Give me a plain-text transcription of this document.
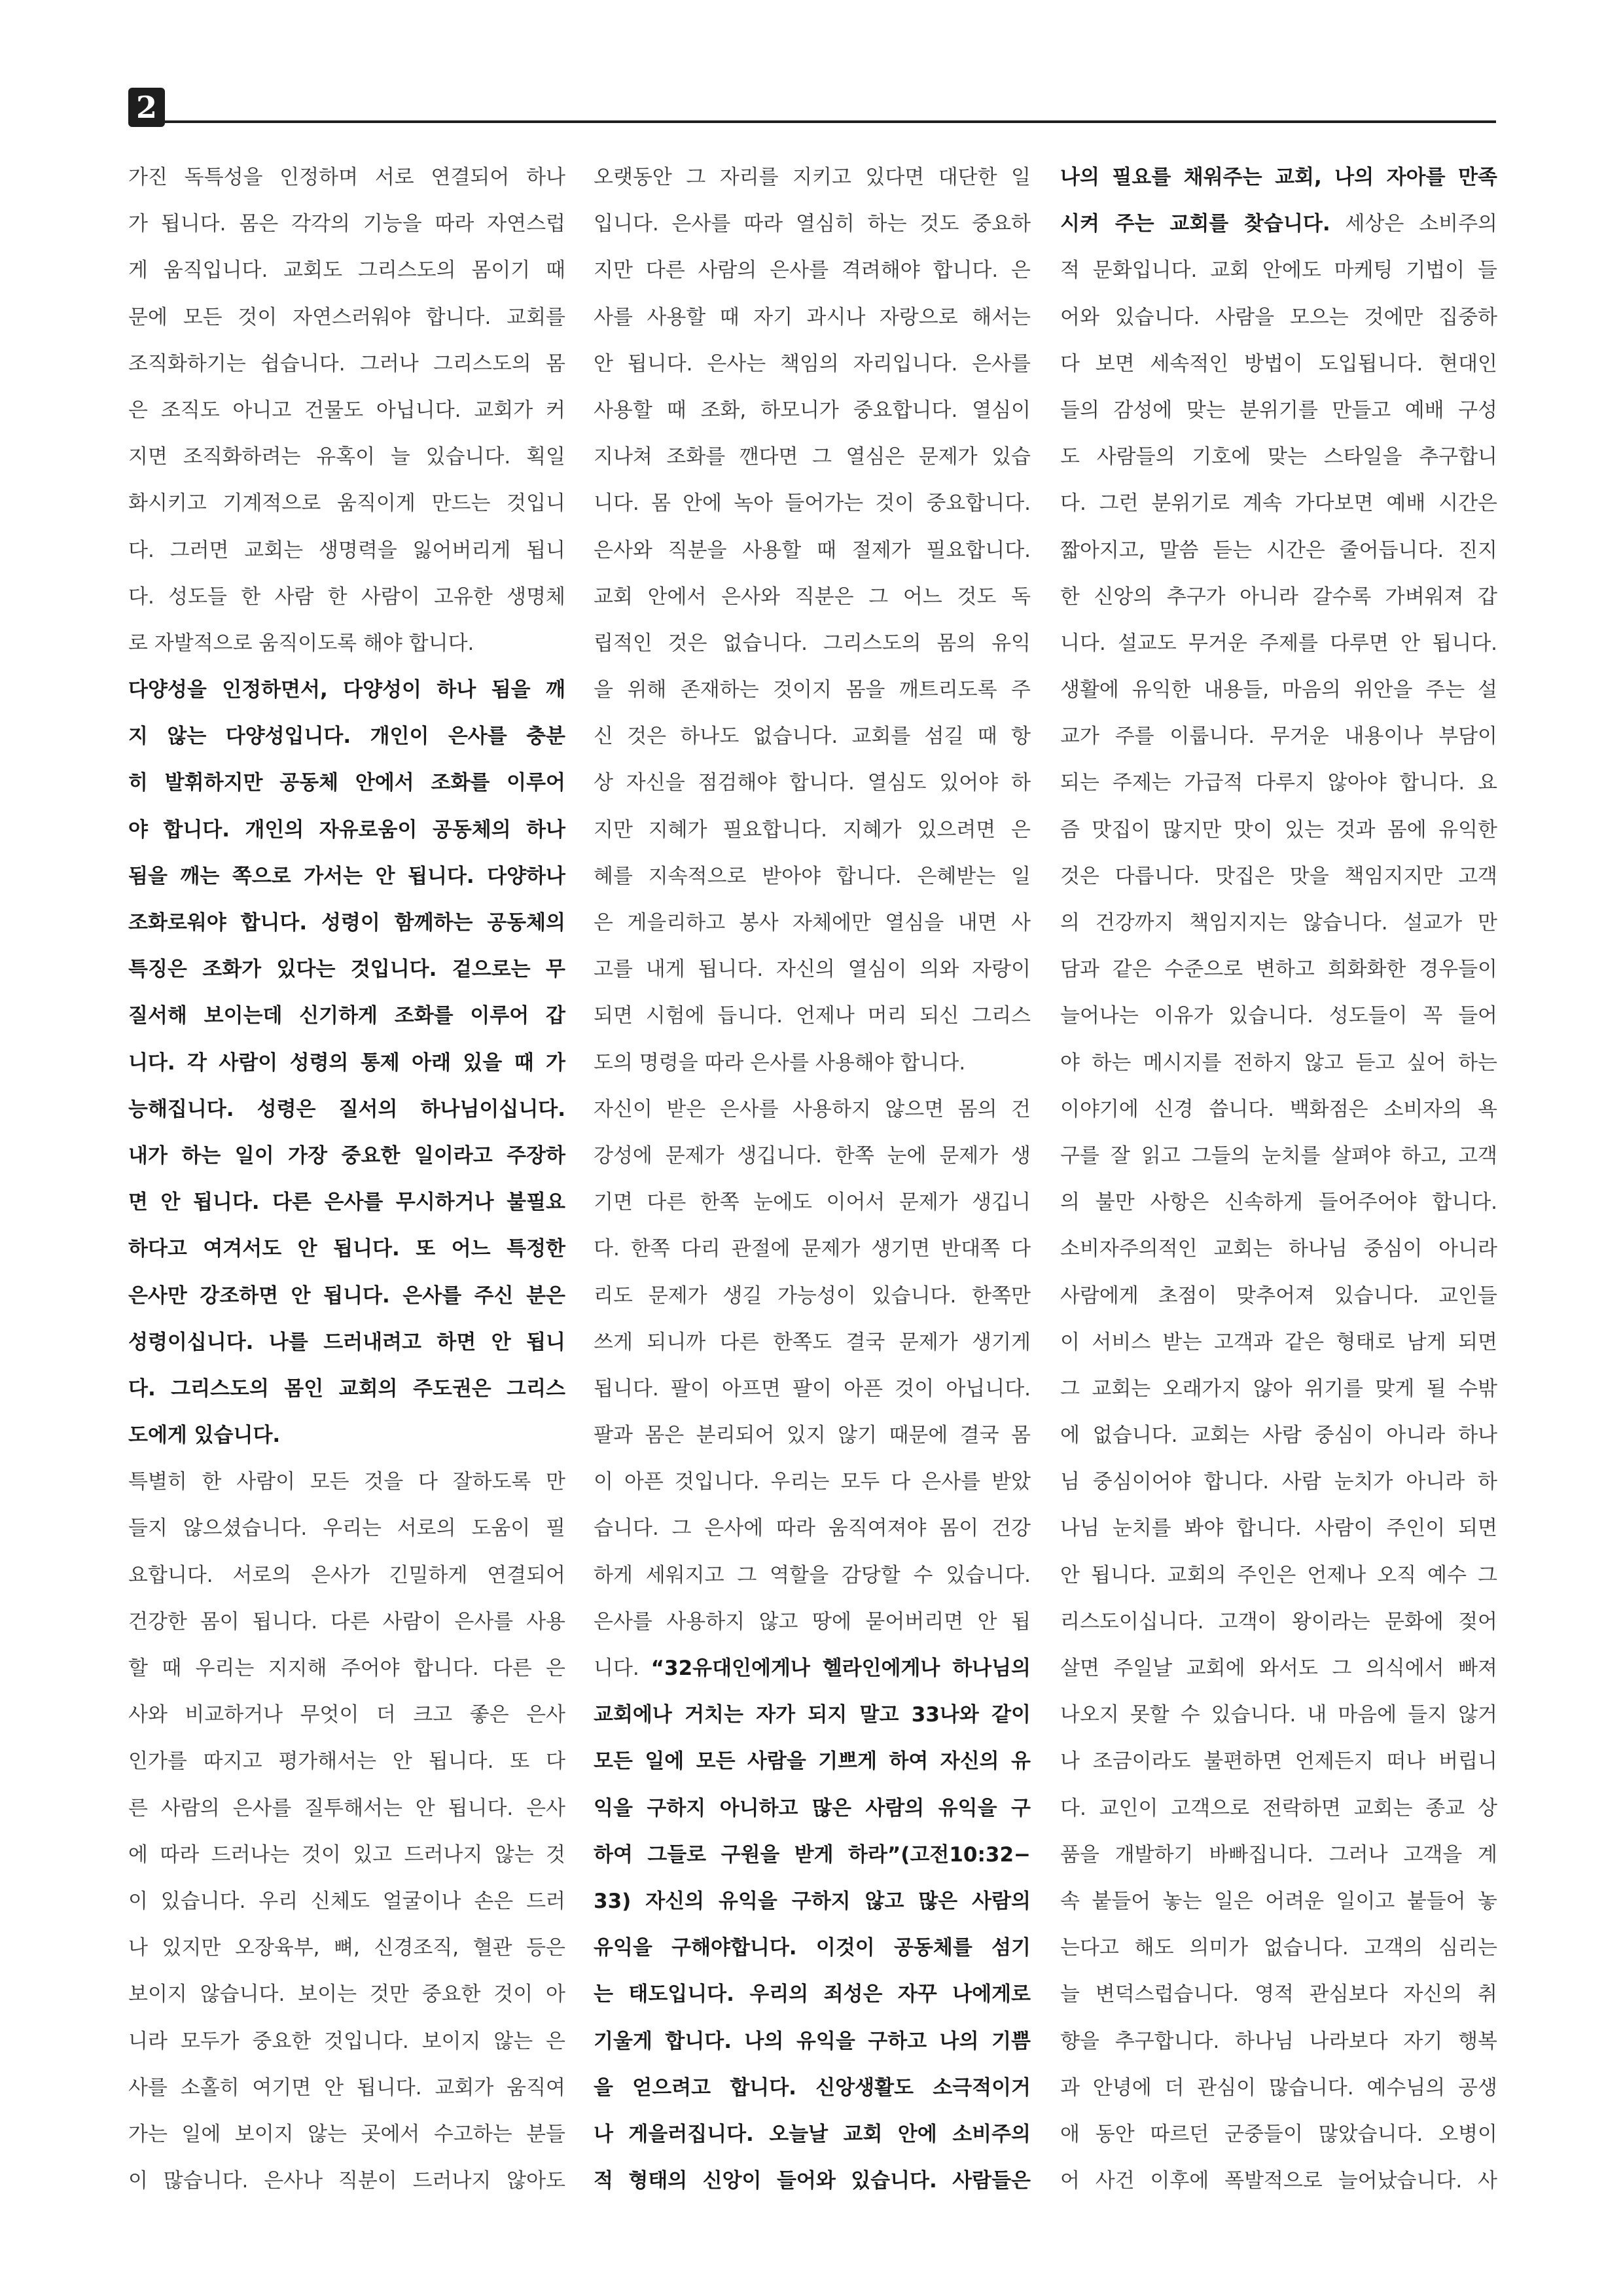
2
가진 독특성을 인정하며 서로 연결되어 하나
가 됩니다. 몸은 각각의 기능을 따라 자연스럽
게 움직입니다. 교회도 그리스도의 몸이기 때
문에 모든 것이 자연스러워야 합니다. 교회를
조직화하기는 쉽습니다. 그러나 그리스도의 몸
은 조직도 아니고 건물도 아닙니다. 교회가 커
지면 조직화하려는 유혹이 늘 있습니다. 획일
화시키고 기계적으로 움직이게 만드는 것입니
다. 그러면 교회는 생명력을 잃어버리게 됩니
다. 성도들 한 사람 한 사람이 고유한 생명체
로 자발적으로 움직이도록 해야 합니다.
다양성을 인정하면서, 다양성이 하나 됨을 깨
지 않는 다양성입니다. 개인이 은사를 충분
히 발휘하지만 공동체 안에서 조화를 이루어
야 합니다. 개인의 자유로움이 공동체의 하나
됨을 깨는 쪽으로 가서는 안 됩니다. 다양하나
조화로워야 합니다. 성령이 함께하는 공동체의
특징은 조화가 있다는 것입니다. 겉으로는 무
질서해 보이는데 신기하게 조화를 이루어 갑
니다. 각 사람이 성령의 통제 아래 있을 때 가
능해집니다. 성령은 질서의 하나님이십니다.
내가 하는 일이 가장 중요한 일이라고 주장하
면 안 됩니다. 다른 은사를 무시하거나 불필요
하다고 여겨서도 안 됩니다. 또 어느 특정한
은사만 강조하면 안 됩니다. 은사를 주신 분은
성령이십니다. 나를 드러내려고 하면 안 됩니
다. 그리스도의 몸인 교회의 주도권은 그리스
도에게 있습니다.
특별히 한 사람이 모든 것을 다 잘하도록 만
들지 않으셨습니다. 우리는 서로의 도움이 필
요합니다. 서로의 은사가 긴밀하게 연결되어
건강한 몸이 됩니다. 다른 사람이 은사를 사용
할 때 우리는 지지해 주어야 합니다. 다른 은
사와 비교하거나 무엇이 더 크고 좋은 은사
인가를 따지고 평가해서는 안 됩니다. 또 다
른 사람의 은사를 질투해서는 안 됩니다. 은사
에 따라 드러나는 것이 있고 드러나지 않는 것
이 있습니다. 우리 신체도 얼굴이나 손은 드러
나 있지만 오장육부, 뼈, 신경조직, 혈관 등은
보이지 않습니다. 보이는 것만 중요한 것이 아
니라 모두가 중요한 것입니다. 보이지 않는 은
사를 소홀히 여기면 안 됩니다. 교회가 움직여
가는 일에 보이지 않는 곳에서 수고하는 분들
이 많습니다. 은사나 직분이 드러나지 않아도
오랫동안 그 자리를 지키고 있다면 대단한 일
입니다. 은사를 따라 열심히 하는 것도 중요하
지만 다른 사람의 은사를 격려해야 합니다. 은
사를 사용할 때 자기 과시나 자랑으로 해서는
안 됩니다. 은사는 책임의 자리입니다. 은사를
사용할 때 조화, 하모니가 중요합니다. 열심이
지나쳐 조화를 깬다면 그 열심은 문제가 있습
니다. 몸 안에 녹아 들어가는 것이 중요합니다.
은사와 직분을 사용할 때 절제가 필요합니다.
교회 안에서 은사와 직분은 그 어느 것도 독
립적인 것은 없습니다. 그리스도의 몸의 유익
을 위해 존재하는 것이지 몸을 깨트리도록 주
신 것은 하나도 없습니다. 교회를 섬길 때 항
상 자신을 점검해야 합니다. 열심도 있어야 하
지만 지혜가 필요합니다. 지혜가 있으려면 은
혜를 지속적으로 받아야 합니다. 은혜받는 일
은 게을리하고 봉사 자체에만 열심을 내면 사
고를 내게 됩니다. 자신의 열심이 의와 자랑이
되면 시험에 듭니다. 언제나 머리 되신 그리스
도의 명령을 따라 은사를 사용해야 합니다.
자신이 받은 은사를 사용하지 않으면 몸의 건
강성에 문제가 생깁니다. 한쪽 눈에 문제가 생
기면 다른 한쪽 눈에도 이어서 문제가 생깁니
다. 한쪽 다리 관절에 문제가 생기면 반대쪽 다
리도 문제가 생길 가능성이 있습니다. 한쪽만
쓰게 되니까 다른 한쪽도 결국 문제가 생기게
됩니다. 팔이 아프면 팔이 아픈 것이 아닙니다.
팔과 몸은 분리되어 있지 않기 때문에 결국 몸
이 아픈 것입니다. 우리는 모두 다 은사를 받았
습니다. 그 은사에 따라 움직여져야 몸이 건강
하게 세워지고 그 역할을 감당할 수 있습니다.
은사를 사용하지 않고 땅에 묻어버리면 안 됩
니다. “32유대인에게나 헬라인에게나 하나님의
교회에나 거치는 자가 되지 말고 33나와 같이
모든 일에 모든 사람을 기쁘게 하여 자신의 유
익을 구하지 아니하고 많은 사람의 유익을 구
하여 그들로 구원을 받게 하라”(고전10:32−
33) 자신의 유익을 구하지 않고 많은 사람의
유익을 구해야합니다. 이것이 공동체를 섬기
는 태도입니다. 우리의 죄성은 자꾸 나에게로
기울게 합니다. 나의 유익을 구하고 나의 기쁨
을 얻으려고 합니다. 신앙생활도 소극적이거
나 게을러집니다. 오늘날 교회 안에 소비주의
적 형태의 신앙이 들어와 있습니다. 사람들은
나의 필요를 채워주는 교회, 나의 자아를 만족
시켜 주는 교회를 찾습니다. 세상은 소비주의
적 문화입니다. 교회 안에도 마케팅 기법이 들
어와 있습니다. 사람을 모으는 것에만 집중하
다 보면 세속적인 방법이 도입됩니다. 현대인
들의 감성에 맞는 분위기를 만들고 예배 구성
도 사람들의 기호에 맞는 스타일을 추구합니
다. 그런 분위기로 계속 가다보면 예배 시간은
짧아지고, 말씀 듣는 시간은 줄어듭니다. 진지
한 신앙의 추구가 아니라 갈수록 가벼워져 갑
니다. 설교도 무거운 주제를 다루면 안 됩니다.
생활에 유익한 내용들, 마음의 위안을 주는 설
교가 주를 이룹니다. 무거운 내용이나 부담이
되는 주제는 가급적 다루지 않아야 합니다. 요
즘 맛집이 많지만 맛이 있는 것과 몸에 유익한
것은 다릅니다. 맛집은 맛을 책임지지만 고객
의 건강까지 책임지지는 않습니다. 설교가 만
담과 같은 수준으로 변하고 희화화한 경우들이
늘어나는 이유가 있습니다. 성도들이 꼭 들어
야 하는 메시지를 전하지 않고 듣고 싶어 하는
이야기에 신경 씁니다. 백화점은 소비자의 욕
구를 잘 읽고 그들의 눈치를 살펴야 하고, 고객
의 불만 사항은 신속하게 들어주어야 합니다.
소비자주의적인 교회는 하나님 중심이 아니라
사람에게 초점이 맞추어져 있습니다. 교인들
이 서비스 받는 고객과 같은 형태로 남게 되면
그 교회는 오래가지 않아 위기를 맞게 될 수밖
에 없습니다. 교회는 사람 중심이 아니라 하나
님 중심이어야 합니다. 사람 눈치가 아니라 하
나님 눈치를 봐야 합니다. 사람이 주인이 되면
안 됩니다. 교회의 주인은 언제나 오직 예수 그
리스도이십니다. 고객이 왕이라는 문화에 젖어
살면 주일날 교회에 와서도 그 의식에서 빠져
나오지 못할 수 있습니다. 내 마음에 들지 않거
나 조금이라도 불편하면 언제든지 떠나 버립니
다. 교인이 고객으로 전락하면 교회는 종교 상
품을 개발하기 바빠집니다. 그러나 고객을 계
속 붙들어 놓는 일은 어려운 일이고 붙들어 놓
는다고 해도 의미가 없습니다. 고객의 심리는
늘 변덕스럽습니다. 영적 관심보다 자신의 취
향을 추구합니다. 하나님 나라보다 자기 행복
과 안녕에 더 관심이 많습니다. 예수님의 공생
애 동안 따르던 군중들이 많았습니다. 오병이
어 사건 이후에 폭발적으로 늘어났습니다. 사
